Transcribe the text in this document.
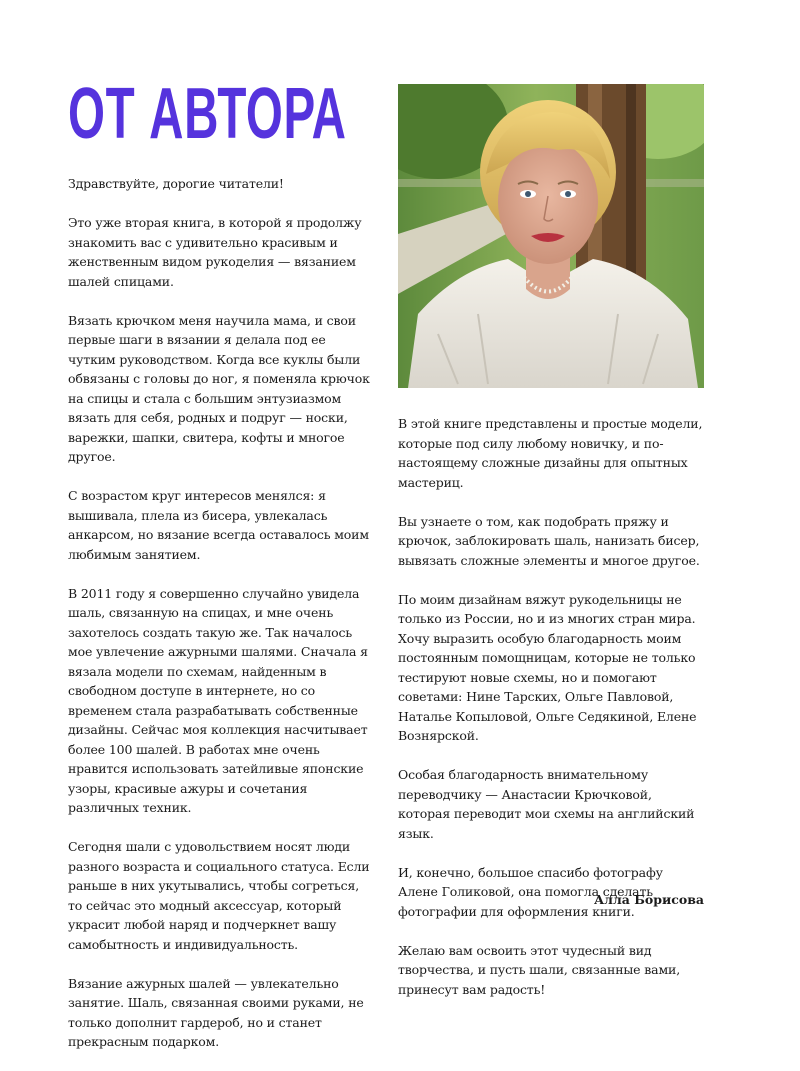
ОТ АВТОРА

Здравствуйте, дорогие читатели!

Это уже вторая книга, в которой я продолжу знакомить вас с удивительно красивым и женственным видом рукоделия — вязанием шалей спицами.

Вязать крючком меня научила мама, и свои первые шаги в вязании я делала под ее чутким руководством. Когда все куклы были обвязаны с головы до ног, я поменяла крючок на спицы и стала с большим энтузиазмом вязать для себя, родных и подруг — носки, варежки, шапки, свитера, кофты и многое другое.

С возрастом круг интересов менялся: я вышивала, плела из бисера, увлекалась анкарсом, но вязание всегда оставалось моим любимым занятием.

В 2011 году я совершенно случайно увидела шаль, связанную на спицах, и мне очень захотелось создать такую же. Так началось мое увлечение ажурными шалями. Сначала я вязала модели по схемам, найденным в свободном доступе в интернете, но со временем стала разрабатывать собственные дизайны. Сейчас моя коллекция насчитывает более 100 шалей. В работах мне очень нравится использовать затейливые японские узоры, красивые ажуры и сочетания различных техник.

Сегодня шали с удовольствием носят люди разного возраста и социального статуса. Если раньше в них укутывались, чтобы согреться, то сейчас это модный аксессуар, который украсит любой наряд и подчеркнет вашу самобытность и индивидуальность.

Вязание ажурных шалей — увлекательно занятие. Шаль, связанная своими руками, не только дополнит гардероб, но и станет прекрасным подарком.

В этой книге представлены и простые модели, которые под силу любому новичку, и по-настоящему сложные дизайны для опытных мастериц.

Вы узнаете о том, как подобрать пряжу и крючок, заблокировать шаль, нанизать бисер, вывязать сложные элементы и многое другое.

По моим дизайнам вяжут рукодельницы не только из России, но и из многих стран мира. Хочу выразить особую благодарность моим постоянным помощницам, которые не только тестируют новые схемы, но и помогают советами: Нине Тарских, Ольге Павловой, Наталье Копыловой, Ольге Седякиной, Елене Вознярской.

Особая благодарность внимательному переводчику — Анастасии Крючковой, которая переводит мои схемы на английский язык.

И, конечно, большое спасибо фотографу Алене Голиковой, она помогла сделать фотографии для оформления книги.

Желаю вам освоить этот чудесный вид творчества, и пусть шали, связанные вами, принесут вам радость!

Алла Борисова
